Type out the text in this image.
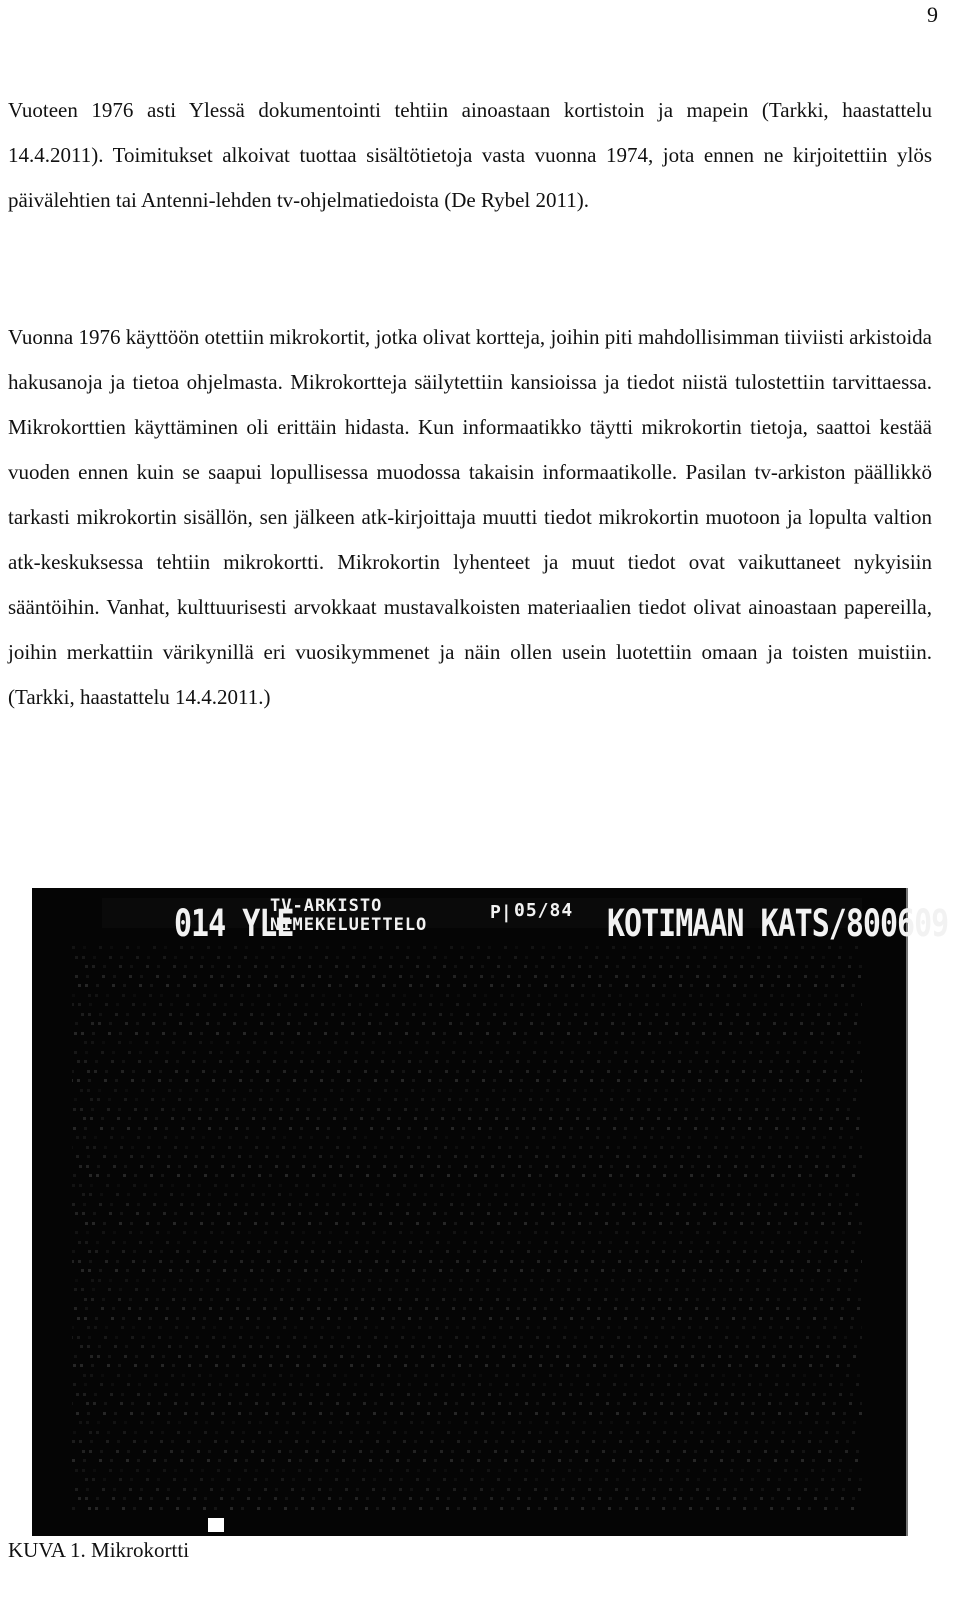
9

Vuoteen 1976 asti Ylessä dokumentointi tehtiin ainoastaan kortistoin ja mapein (Tarkki, haastattelu 14.4.2011). Toimitukset alkoivat tuottaa sisältötietoja vasta vuonna 1974, jota ennen ne kirjoitettiin ylös päivälehtien tai Antenni-lehden tv-ohjelmatiedoista (De Rybel 2011).

Vuonna 1976 käyttöön otettiin mikrokortit, jotka olivat kortteja, joihin piti mahdollisimman tiiviisti arkistoida hakusanoja ja tietoa ohjelmasta. Mikrokortteja säilytettiin kansioissa ja tiedot niistä tulostettiin tarvittaessa. Mikrokorttien käyttäminen oli erittäin hidasta. Kun informaatikko täytti mikrokortin tietoja, saattoi kestää vuoden ennen kuin se saapui lopullisessa muodossa takaisin informaatikolle. Pasilan tv-arkiston päällikkö tarkasti mikrokortin sisällön, sen jälkeen atk-kirjoittaja muutti tiedot mikrokortin muotoon ja lopulta valtion atk-keskuksessa tehtiin mikrokortti. Mikrokortin lyhenteet ja muut tiedot ovat vaikuttaneet nykyisiin sääntöihin. Vanhat, kulttuurisesti arvokkaat mustavalkoisten materiaalien tiedot olivat ainoastaan papereilla, joihin merkattiin värikynillä eri vuosikymmenet ja näin ollen usein luotettiin omaan ja toisten muistiin. (Tarkki, haastattelu 14.4.2011.)

014 YLE
TV-ARKISTO
NIMEKELUETTELO
P| 05/84 KOTIMAAN KATS/800609

KUVA 1. Mikrokortti
